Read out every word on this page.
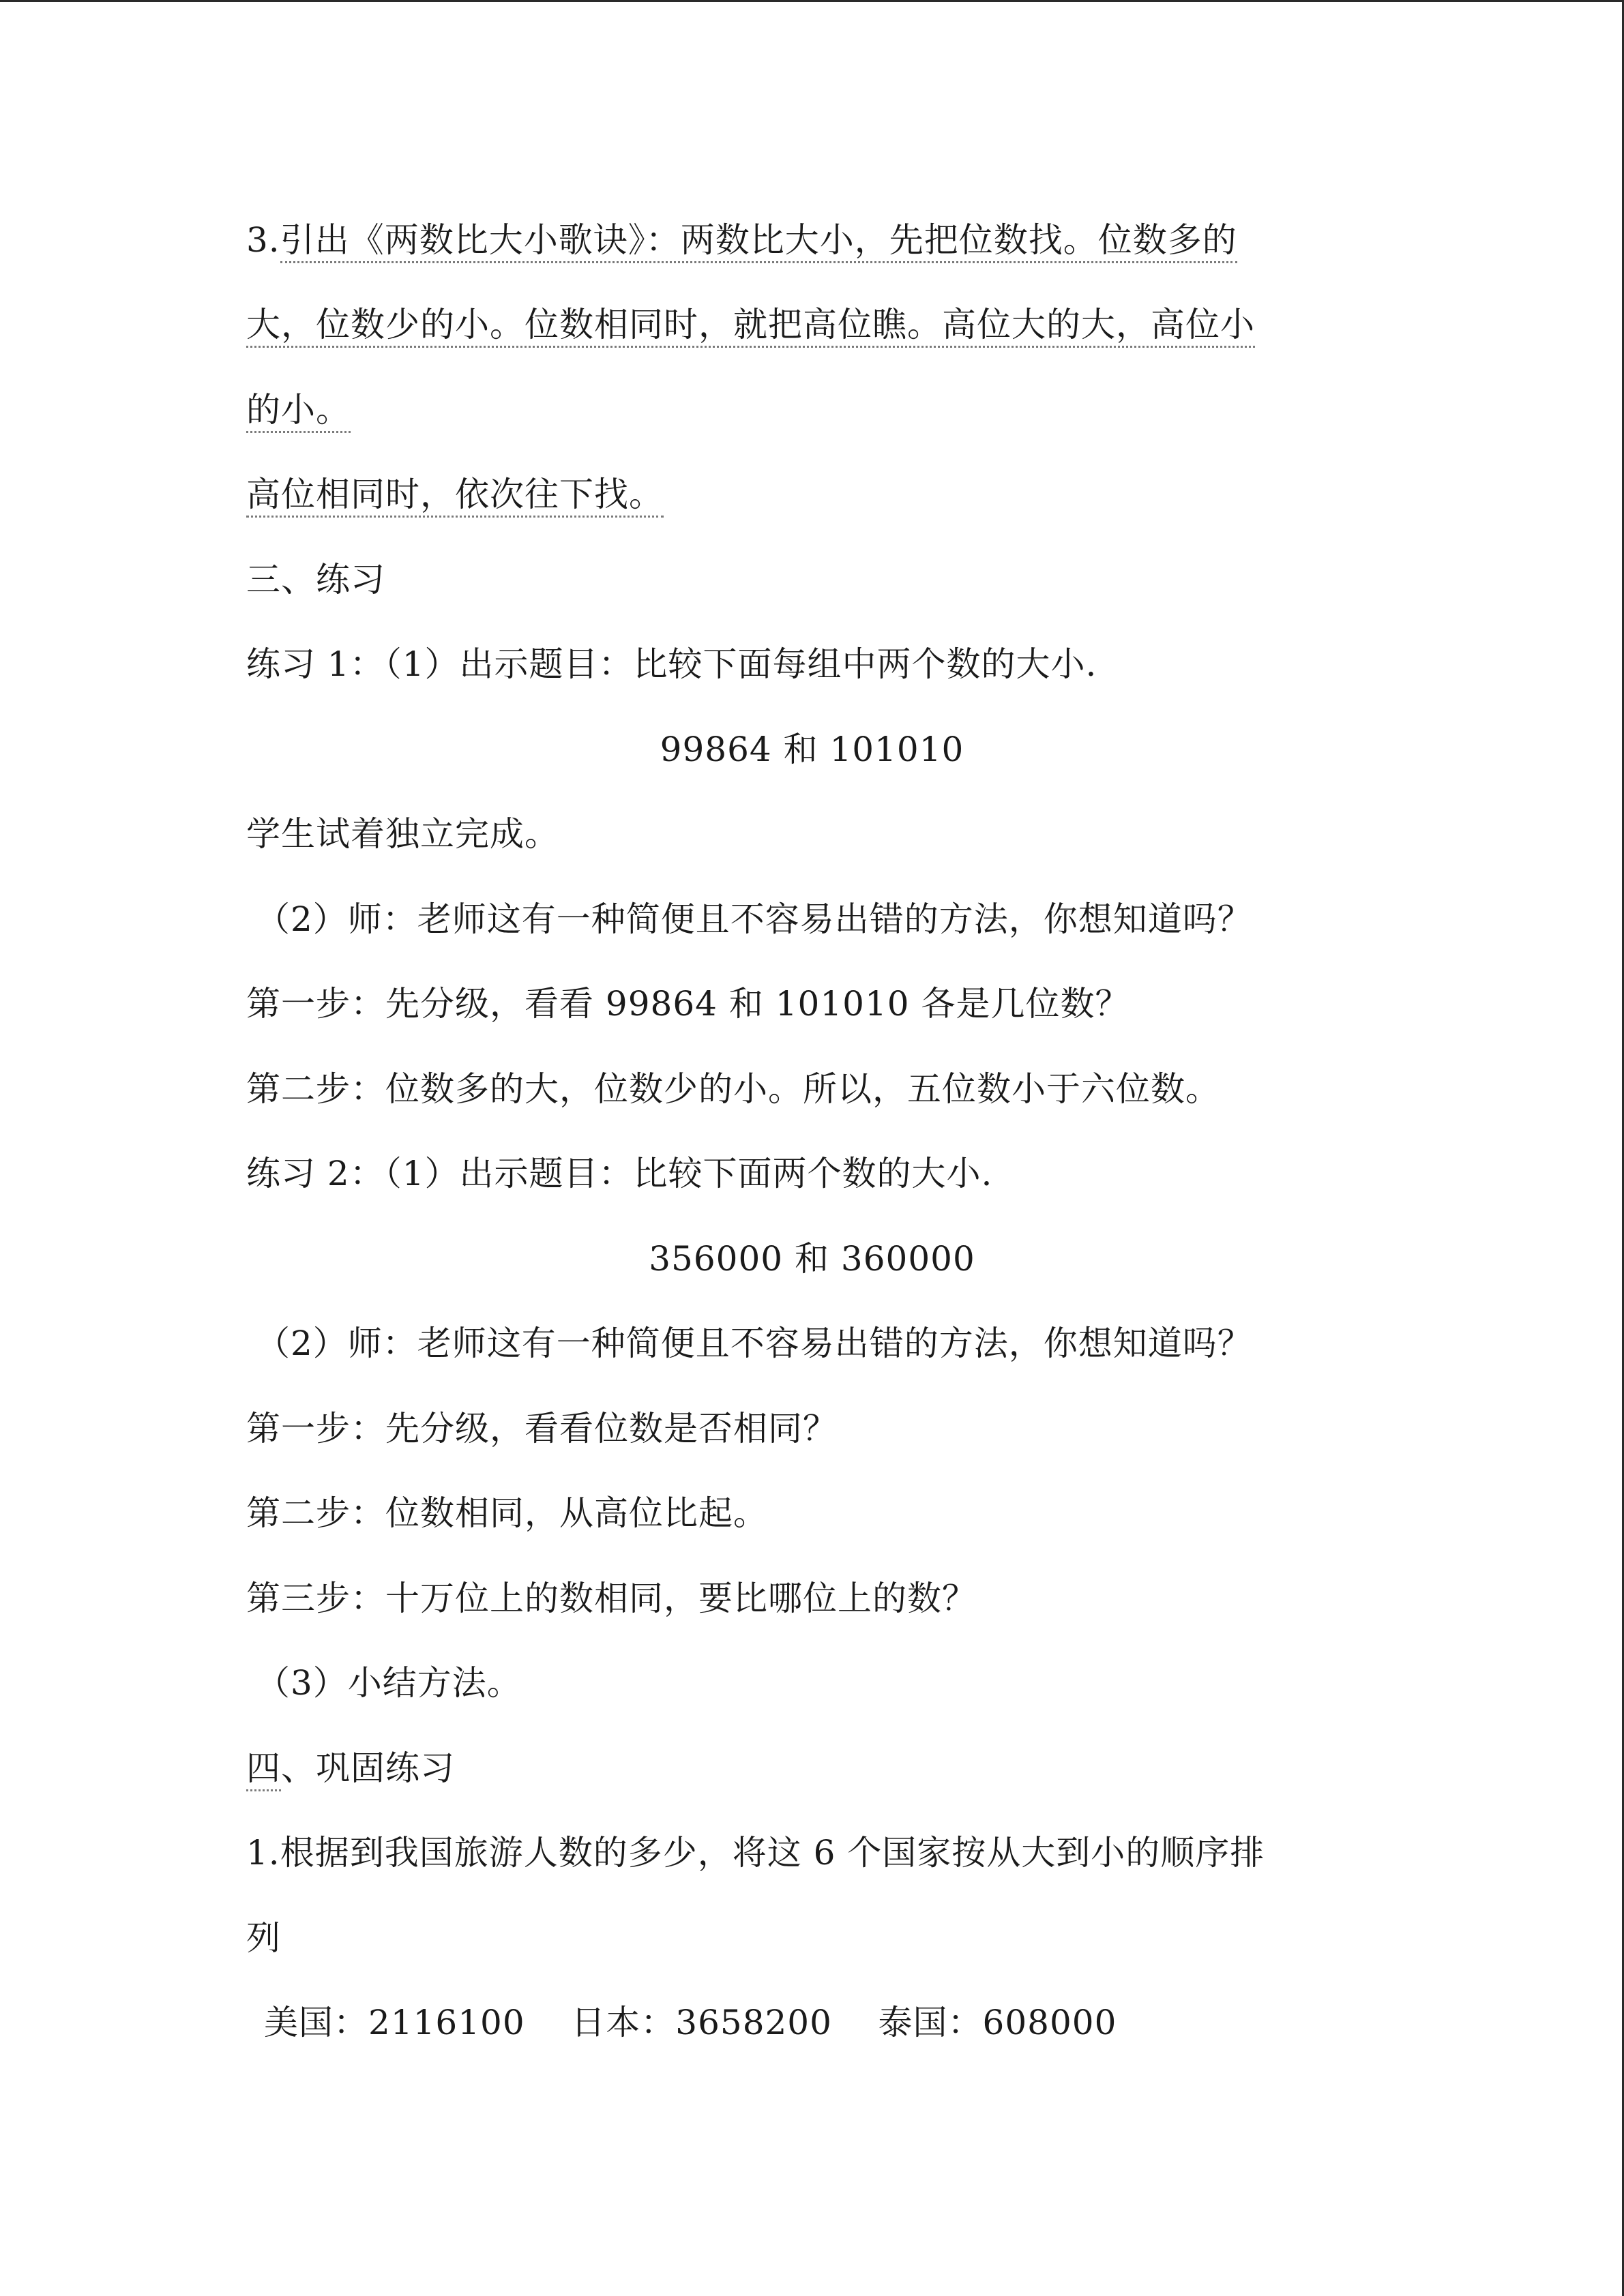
3.引出《两数比大小歌诀》：两数比大小，先把位数找。位数多的
大，位数少的小。位数相同时，就把高位瞧。高位大的大，高位小
的小。
高位相同时，依次往下找。
三、练习
练习 1：（1）出示题目：比较下面每组中两个数的大小.
99864 和 101010
学生试着独立完成。
（2）师：老师这有一种简便且不容易出错的方法，你想知道吗？
第一步：先分级，看看 99864 和 101010 各是几位数？
第二步：位数多的大，位数少的小。所以，五位数小于六位数。
练习 2：（1）出示题目：比较下面两个数的大小.
356000 和 360000
（2）师：老师这有一种简便且不容易出错的方法，你想知道吗？
第一步：先分级，看看位数是否相同？
第二步：位数相同，从高位比起。
第三步：十万位上的数相同，要比哪位上的数？
（3）小结方法。
四、巩固练习
1.根据到我国旅游人数的多少，将这 6 个国家按从大到小的顺序排
列
美国：2116100    日本：3658200    泰国：608000
